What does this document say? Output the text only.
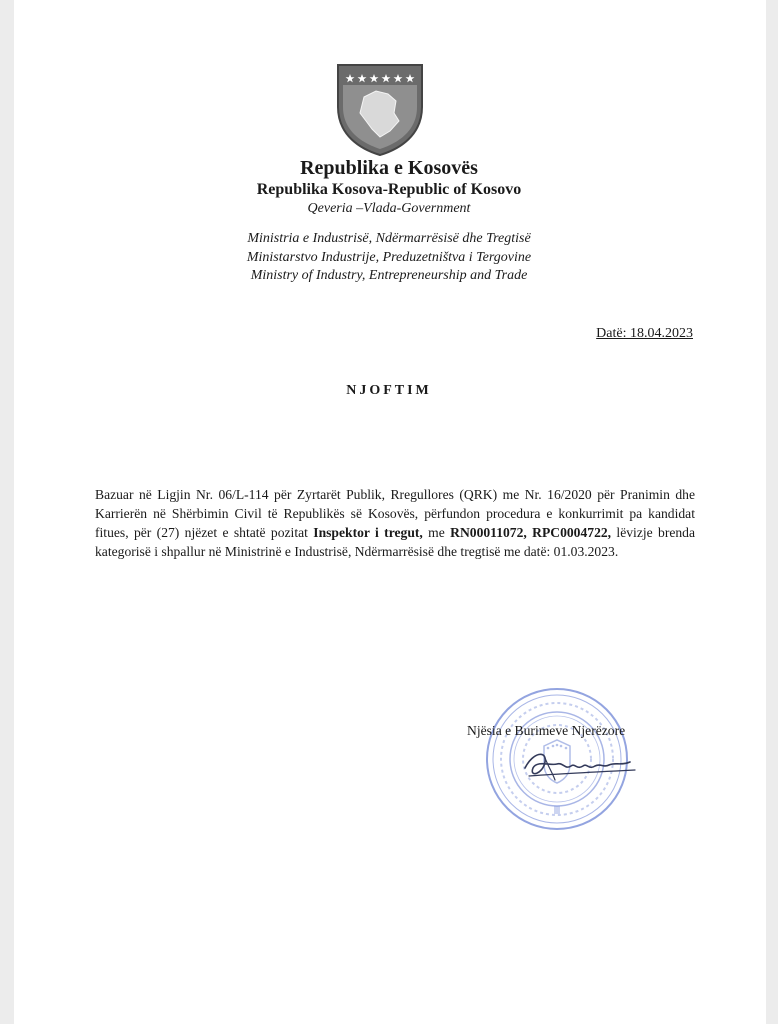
Republika e Kosovës
Republika Kosova-Republic of Kosovo
Qeveria –Vlada-Government
Ministria e Industrisë, Ndërmarrësisë dhe Tregtisë
Ministarstvo Industrije, Preduzetništva i Tergovine
Ministry of Industry, Entrepreneurship and Trade
Datë: 18.04.2023
NJOFTIM
Bazuar në Ligjin Nr. 06/L-114 për Zyrtarët Publik, Rregullores (QRK) me Nr. 16/2020 për Pranimin dhe Karrierën në Shërbimin Civil të Republikës së Kosovës, përfundon procedura e konkurrimit pa kandidat fitues, për (27) njëzet e shtatë pozitat Inspektor i tregut, me RN00011072, RPC0004722, lëvizje brenda kategorisë i shpallur në Ministrinë e Industrisë, Ndërmarrësisë dhe tregtisë me datë: 01.03.2023.
Njësia e Burimeve Njerëzore
